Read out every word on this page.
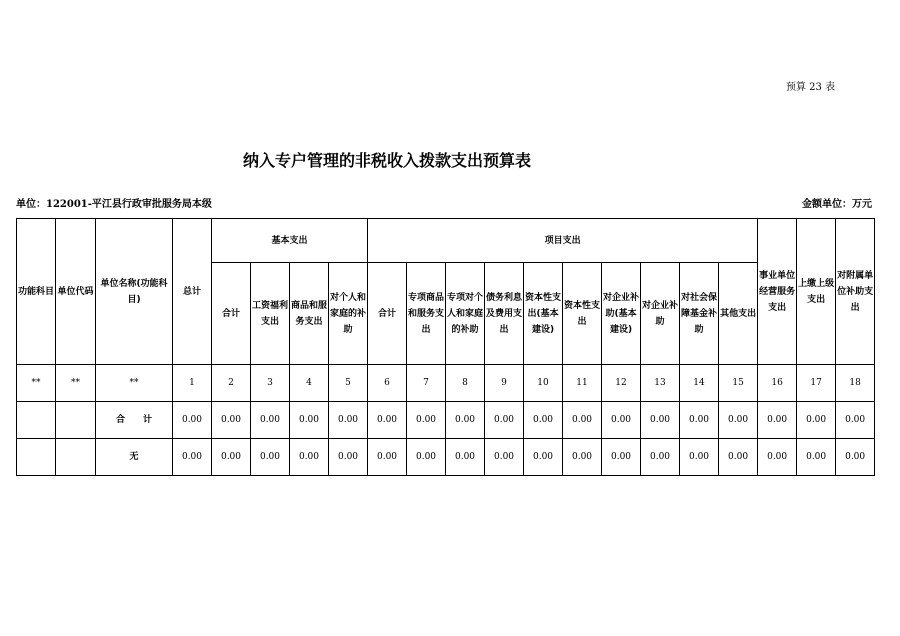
预算 23 表
纳入专户管理的非税收入拨款支出预算表
单位：122001-平江县行政审批服务局本级	金额单位：万元
功能科目	单位代码	单位名称(功能科目)	总计	基本支出				项目支出										事业单位经营服务支出	上缴上级支出	对附属单位补助支出
				合计	工资福利支出	商品和服务支出	对个人和家庭的补助	合计	专项商品和服务支出	专项对个人和家庭的补助	债务利息及费用支出	资本性支出(基本建设)	资本性支出	对企业补助(基本建设)	对企业补助	对社会保障基金补助	其他支出			
**	**	**	1	2	3	4	5	6	7	8	9	10	11	12	13	14	15	16	17	18
		合　　计	0.00	0.00	0.00	0.00	0.00	0.00	0.00	0.00	0.00	0.00	0.00	0.00	0.00	0.00	0.00	0.00	0.00	0.00
		无	0.00	0.00	0.00	0.00	0.00	0.00	0.00	0.00	0.00	0.00	0.00	0.00	0.00	0.00	0.00	0.00	0.00	0.00
